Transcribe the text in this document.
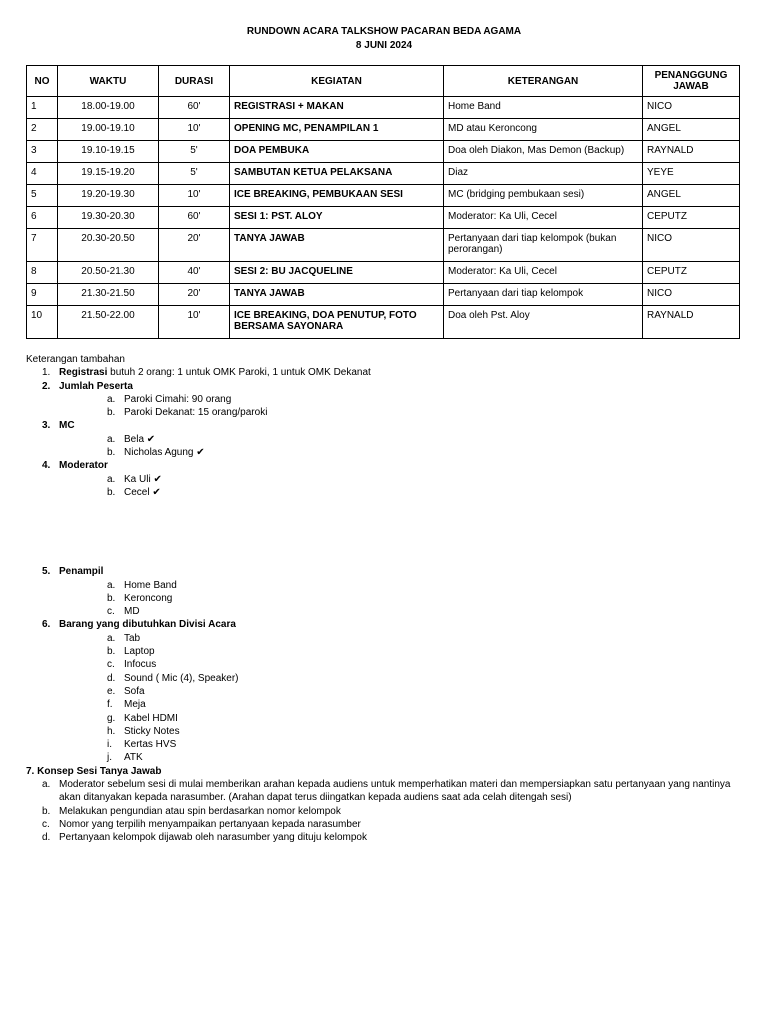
RUNDOWN ACARA TALKSHOW PACARAN BEDA AGAMA
8 JUNI 2024
NO	WAKTU	DURASI	KEGIATAN	KETERANGAN	PENANGGUNG JAWAB
1	18.00-19.00	60'	REGISTRASI + MAKAN	Home Band	NICO
2	19.00-19.10	10'	OPENING MC, PENAMPILAN 1	MD atau Keroncong	ANGEL
3	19.10-19.15	5'	DOA PEMBUKA	Doa oleh Diakon, Mas Demon (Backup)	RAYNALD
4	19.15-19.20	5'	SAMBUTAN KETUA PELAKSANA	Diaz	YEYE
5	19.20-19.30	10'	ICE BREAKING, PEMBUKAAN SESI	MC (bridging pembukaan sesi)	ANGEL
6	19.30-20.30	60'	SESI 1: PST. ALOY	Moderator: Ka Uli, Cecel	CEPUTZ
7	20.30-20.50	20'	TANYA JAWAB	Pertanyaan dari tiap kelompok (bukan perorangan)	NICO
8	20.50-21.30	40'	SESI 2: BU JACQUELINE	Moderator: Ka Uli, Cecel	CEPUTZ
9	21.30-21.50	20'	TANYA JAWAB	Pertanyaan dari tiap kelompok	NICO
10	21.50-22.00	10'	ICE BREAKING, DOA PENUTUP, FOTO BERSAMA SAYONARA	Doa oleh Pst. Aloy	RAYNALD
Keterangan tambahan
1. Registrasi butuh 2 orang: 1 untuk OMK Paroki, 1 untuk OMK Dekanat
2. Jumlah Peserta
a. Paroki Cimahi: 90 orang
b. Paroki Dekanat: 15 orang/paroki
3. MC
a. Bela ✔
b. Nicholas Agung ✔
4. Moderator
a. Ka Uli ✔
b. Cecel ✔
5. Penampil
a. Home Band
b. Keroncong
c. MD
6. Barang yang dibutuhkan Divisi Acara
a. Tab
b. Laptop
c. Infocus
d. Sound ( Mic (4), Speaker)
e. Sofa
f. Meja
g. Kabel HDMI
h. Sticky Notes
i. Kertas HVS
j. ATK
7. Konsep Sesi Tanya Jawab
a. Moderator sebelum sesi di mulai memberikan arahan kepada audiens untuk memperhatikan materi dan mempersiapkan satu pertanyaan yang nantinya akan ditanyakan kepada narasumber. (Arahan dapat terus diingatkan kepada audiens saat ada celah ditengah sesi)
b. Melakukan pengundian atau spin berdasarkan nomor kelompok
c. Nomor yang terpilih menyampaikan pertanyaan kepada narasumber
d. Pertanyaan kelompok dijawab oleh narasumber yang dituju kelompok
